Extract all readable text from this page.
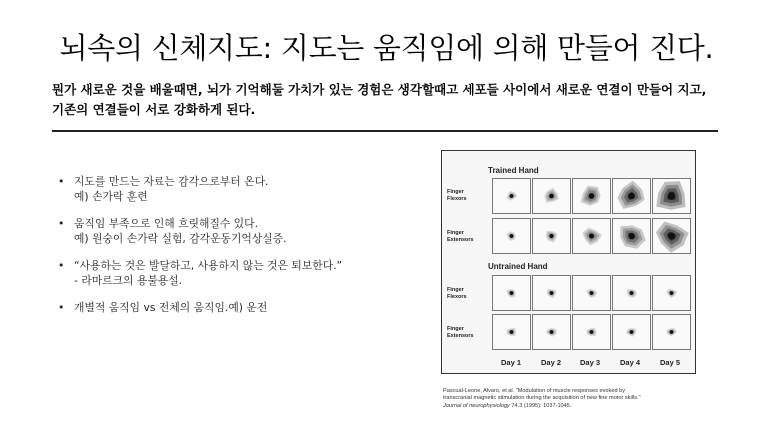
뇌속의 신체지도: 지도는 움직임에 의해 만들어 진다.
뭔가 새로운 것을 배울때면, 뇌가 기억해둘 가치가 있는 경험은 생각할때고 세포들 사이에서 새로운 연결이 만들어 지고,
기존의 연결들이 서로 강화하게 된다.
• 지도를 만드는 자료는 감각으로부터 온다.
예) 손가락 훈련
• 움직임 부족으로 인해 흐릿해질수 있다.
예) 원숭이 손가락 실험, 감각운동기억상실증.
• “사용하는 것은 발달하고, 사용하지 않는 것은 퇴보한다.”
- 라마르크의 용불용설.
• 개별적 움직임 vs 전체의 움직임.예) 운전
Trained Hand
Untrained Hand
Finger
Flexors
Finger
Extensors
Finger
Flexors
Finger
Extensors
Day 1	Day 2	Day 3	Day 4	Day 5
Pascual-Leone, Alvaro, et al. "Modulation of muscle responses evoked by
transcranial magnetic stimulation during the acquisition of new fine motor skills."
Journal of neurophysiology 74.3 (1995): 1037-1045.
